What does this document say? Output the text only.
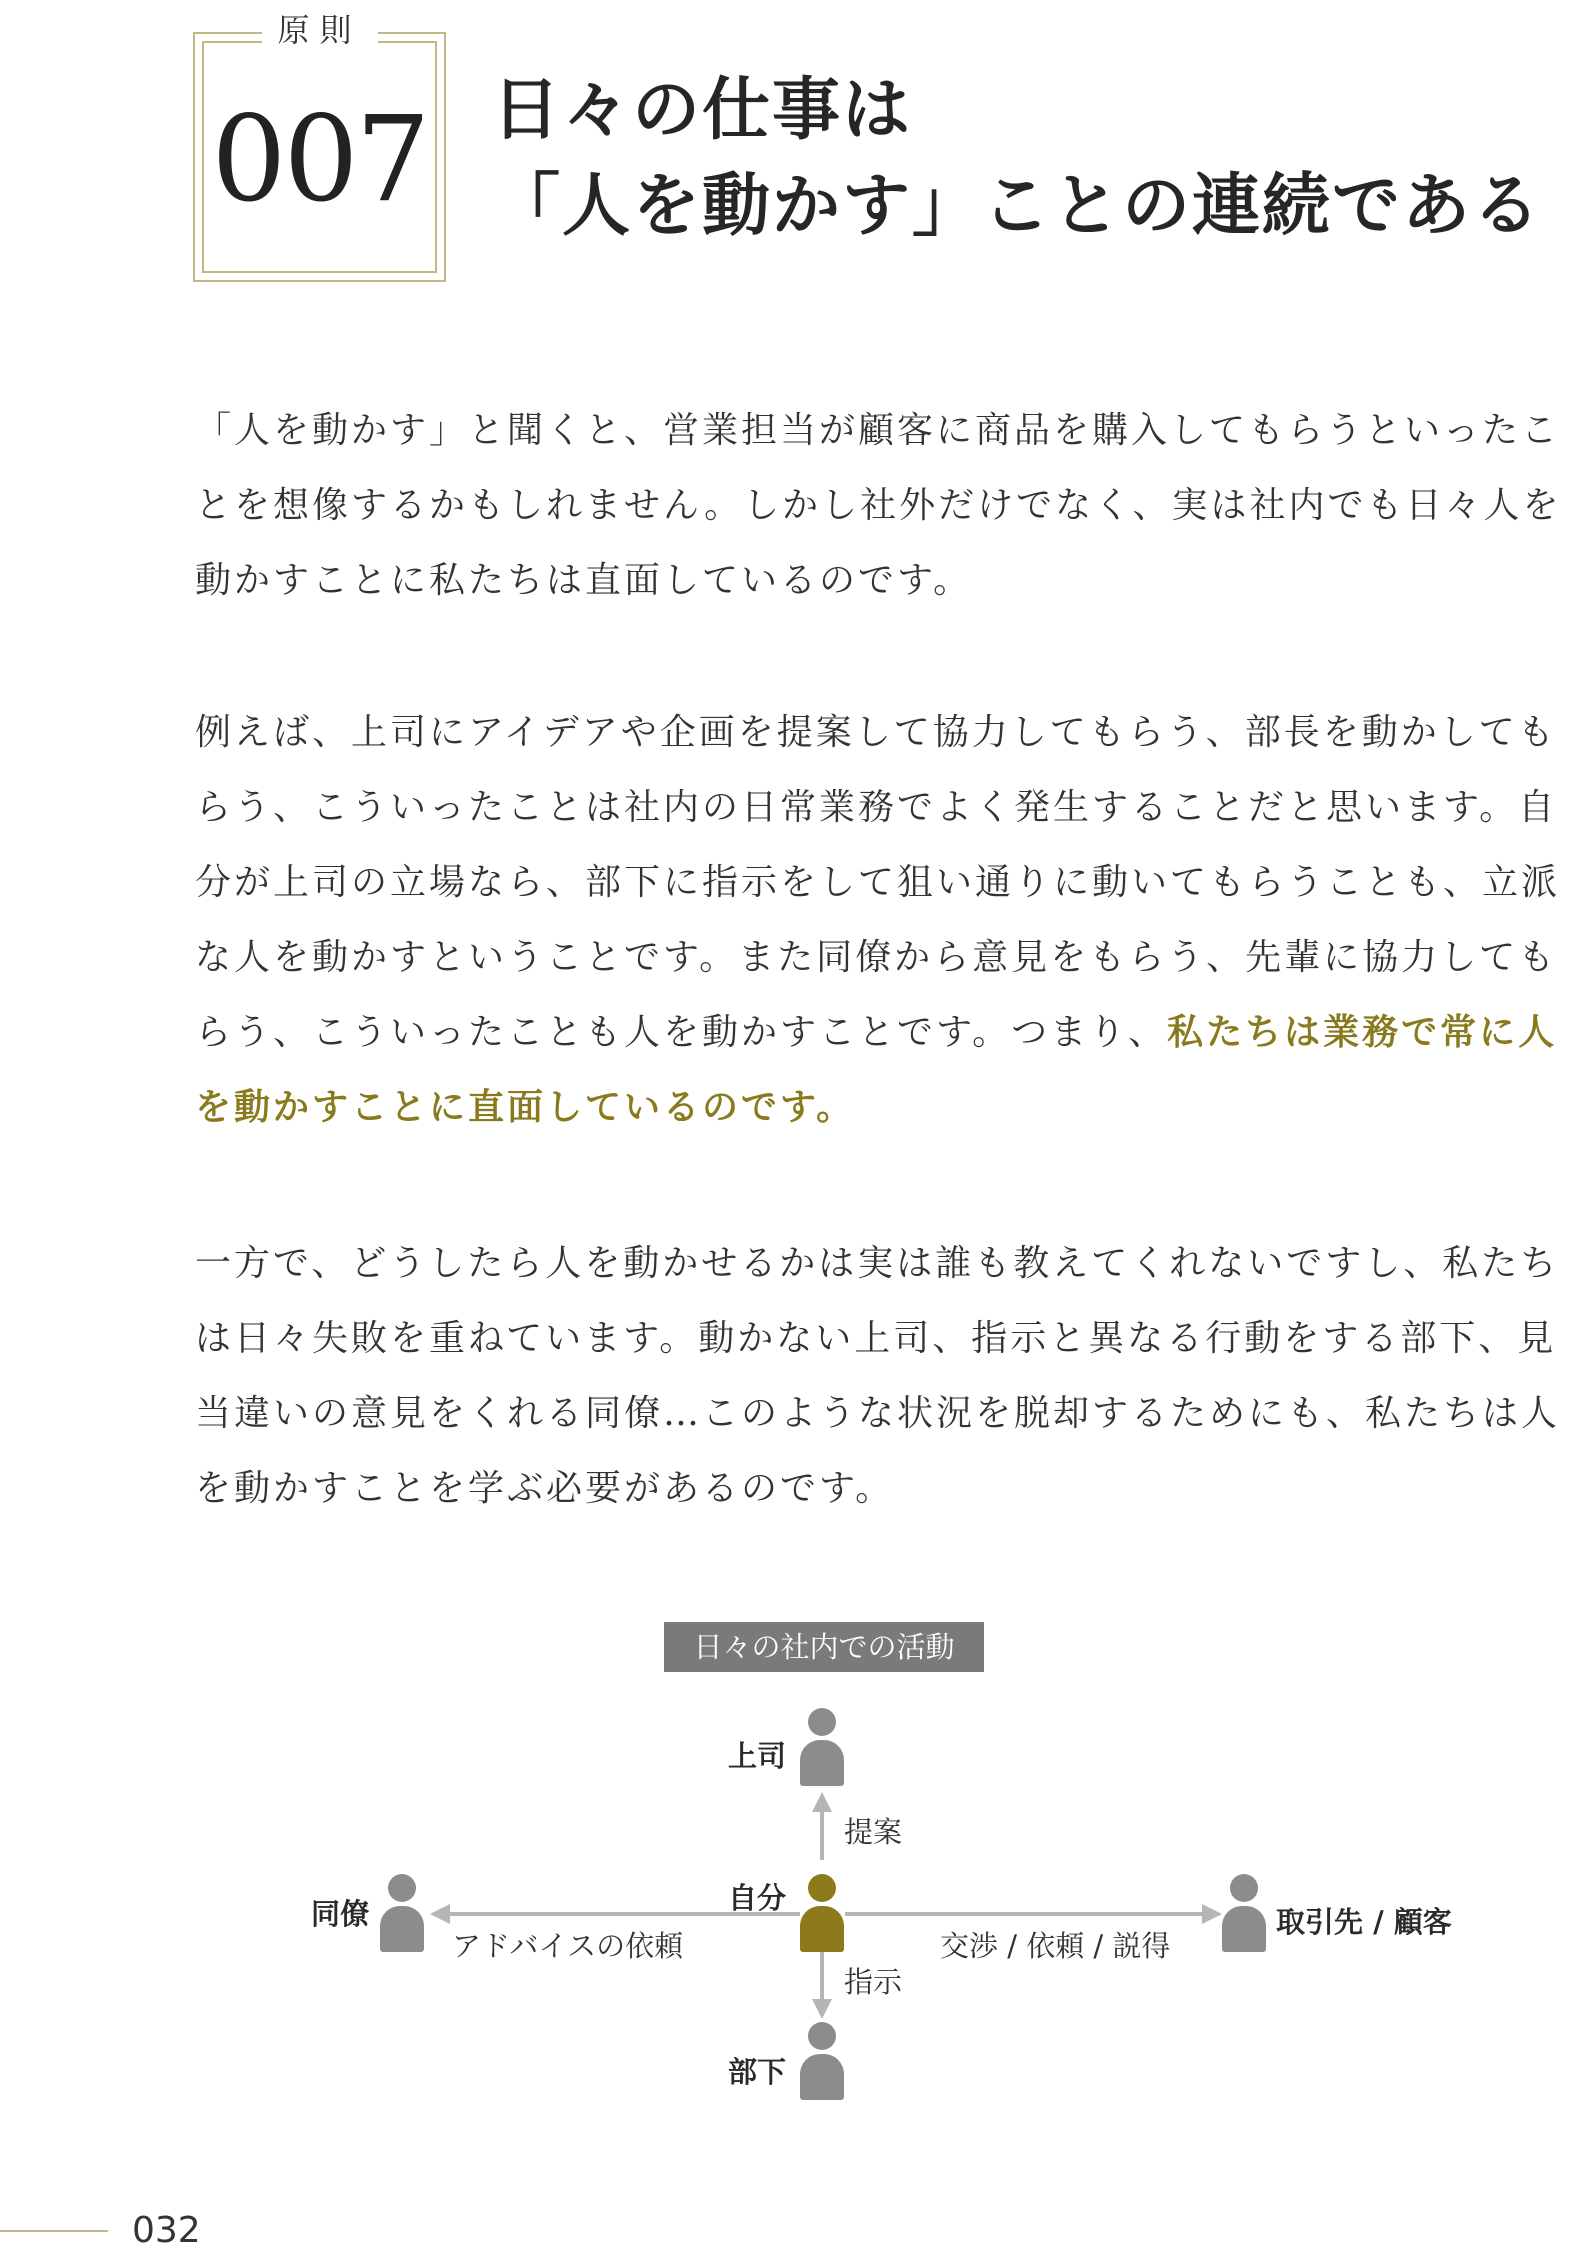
原則
007 日々の仕事は
「人を動かす」ことの連続である

「人を動かす」と聞くと、営業担当が顧客に商品を購入してもらうといったこ
とを想像するかもしれません。しかし社外だけでなく、実は社内でも日々人を
動かすことに私たちは直面しているのです。

例えば、上司にアイデアや企画を提案して協力してもらう、部長を動かしても
らう、こういったことは社内の日常業務でよく発生することだと思います。自
分が上司の立場なら、部下に指示をして狙い通りに動いてもらうことも、立派
な人を動かすということです。また同僚から意見をもらう、先輩に協力しても
らう、こういったことも人を動かすことです。つまり、私たちは業務で常に人
を動かすことに直面しているのです。

一方で、どうしたら人を動かせるかは実は誰も教えてくれないですし、私たち
は日々失敗を重ねています。動かない上司、指示と異なる行動をする部下、見
当違いの意見をくれる同僚…このような状況を脱却するためにも、私たちは人
を動かすことを学ぶ必要があるのです。

日々の社内での活動
上司
自分
部下
同僚	取引先 / 顧客
提案
指示
アドバイスの依頼	交渉 / 依頼 / 説得
032
